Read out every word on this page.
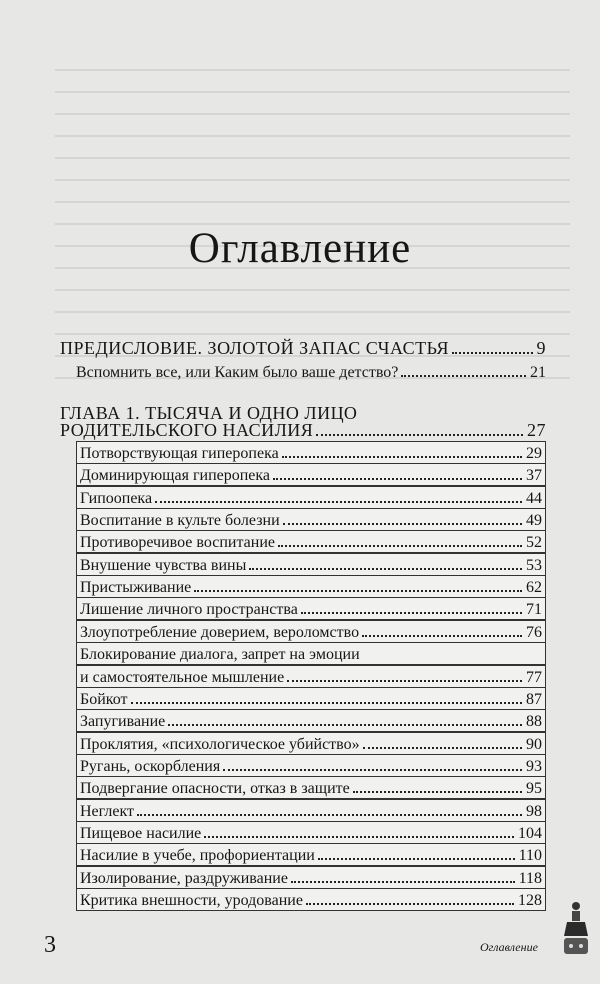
Оглавление
ПРЕДИСЛОВИЕ. ЗОЛОТОЙ ЗАПАС СЧАСТЬЯ	9
Вспомнить все, или Каким было ваше детство?	21
ГЛАВА 1. ТЫСЯЧА И ОДНО ЛИЦО
РОДИТЕЛЬСКОГО НАСИЛИЯ	27
Потворствующая гиперопека	29
Доминирующая гиперопека	37
Гипоопека	44
Воспитание в культе болезни	49
Противоречивое воспитание	52
Внушение чувства вины	53
Пристыживание	62
Лишение личного пространства	71
Злоупотребление доверием, вероломство	76
Блокирование диалога, запрет на эмоции
и самостоятельное мышление	77
Бойкот	87
Запугивание	88
Проклятия, «психологическое убийство»	90
Ругань, оскорбления	93
Подвергание опасности, отказ в защите	95
Неглект	98
Пищевое насилие	104
Насилие в учебе, профориентации	110
Изолирование, раздруживание	118
Критика внешности, уродование	128
3	Оглавление
